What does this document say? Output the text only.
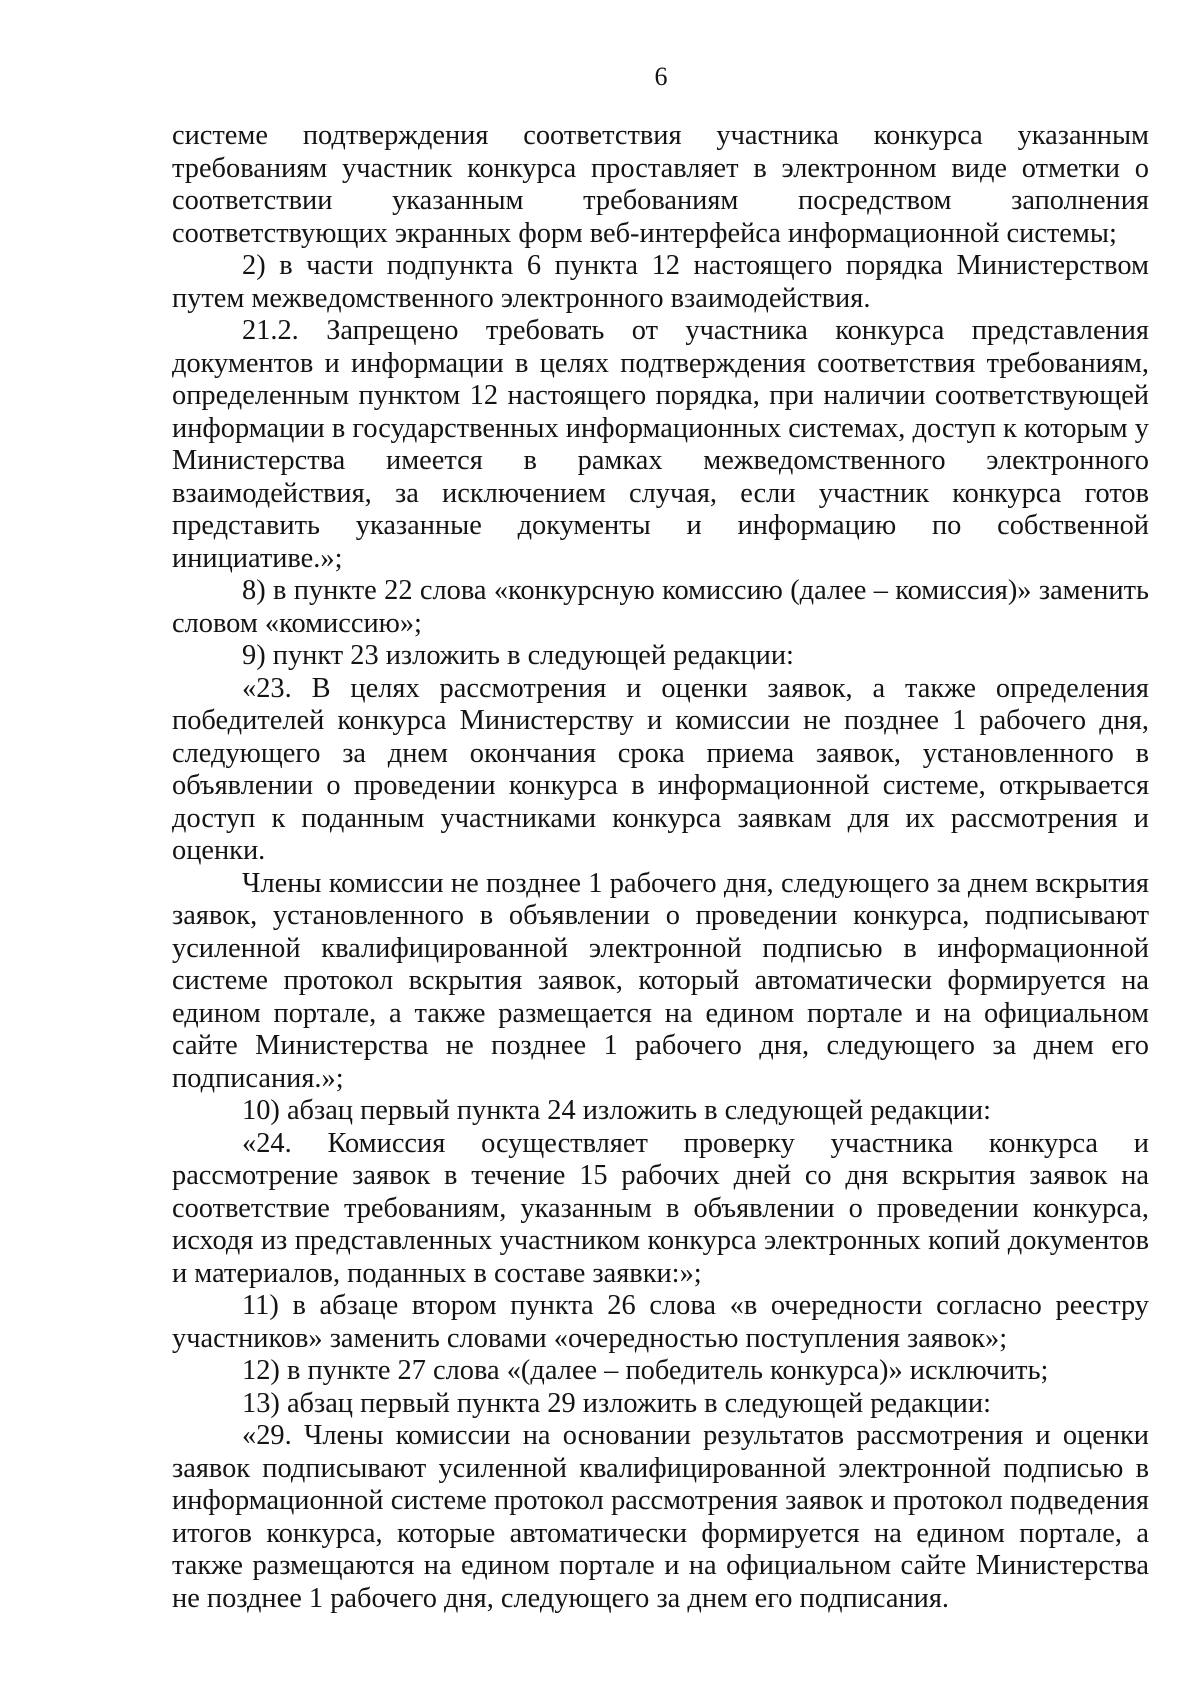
6

системе подтверждения соответствия участника конкурса указанным требованиям участник конкурса проставляет в электронном виде отметки о соответствии указанным требованиям посредством заполнения соответствующих экранных форм веб-интерфейса информационной системы;

2) в части подпункта 6 пункта 12 настоящего порядка Министерством путем межведомственного электронного взаимодействия.

21.2. Запрещено требовать от участника конкурса представления документов и информации в целях подтверждения соответствия требованиям, определенным пунктом 12 настоящего порядка, при наличии соответствующей информации в государственных информационных системах, доступ к которым у Министерства имеется в рамках межведомственного электронного взаимодействия, за исключением случая, если участник конкурса готов представить указанные документы и информацию по собственной инициативе.»;

8) в пункте 22 слова «конкурсную комиссию (далее – комиссия)» заменить словом «комиссию»;

9) пункт 23 изложить в следующей редакции:

«23. В целях рассмотрения и оценки заявок, а также определения победителей конкурса Министерству и комиссии не позднее 1 рабочего дня, следующего за днем окончания срока приема заявок, установленного в объявлении о проведении конкурса в информационной системе, открывается доступ к поданным участниками конкурса заявкам для их рассмотрения и оценки.

Члены комиссии не позднее 1 рабочего дня, следующего за днем вскрытия заявок, установленного в объявлении о проведении конкурса, подписывают усиленной квалифицированной электронной подписью в информационной системе протокол вскрытия заявок, который автоматически формируется на едином портале, а также размещается на едином портале и на официальном сайте Министерства не позднее 1 рабочего дня, следующего за днем его подписания.»;

10) абзац первый пункта 24 изложить в следующей редакции:

«24. Комиссия осуществляет проверку участника конкурса и рассмотрение заявок в течение 15 рабочих дней со дня вскрытия заявок на соответствие требованиям, указанным в объявлении о проведении конкурса, исходя из представленных участником конкурса электронных копий документов и материалов, поданных в составе заявки:»;

11) в абзаце втором пункта 26 слова «в очередности согласно реестру участников» заменить словами «очередностью поступления заявок»;

12) в пункте 27 слова «(далее – победитель конкурса)» исключить;

13) абзац первый пункта 29 изложить в следующей редакции:

«29. Члены комиссии на основании результатов рассмотрения и оценки заявок подписывают усиленной квалифицированной электронной подписью в информационной системе протокол рассмотрения заявок и протокол подведения итогов конкурса, которые автоматически формируется на едином портале, а также размещаются на едином портале и на официальном сайте Министерства не позднее 1 рабочего дня, следующего за днем его подписания.
